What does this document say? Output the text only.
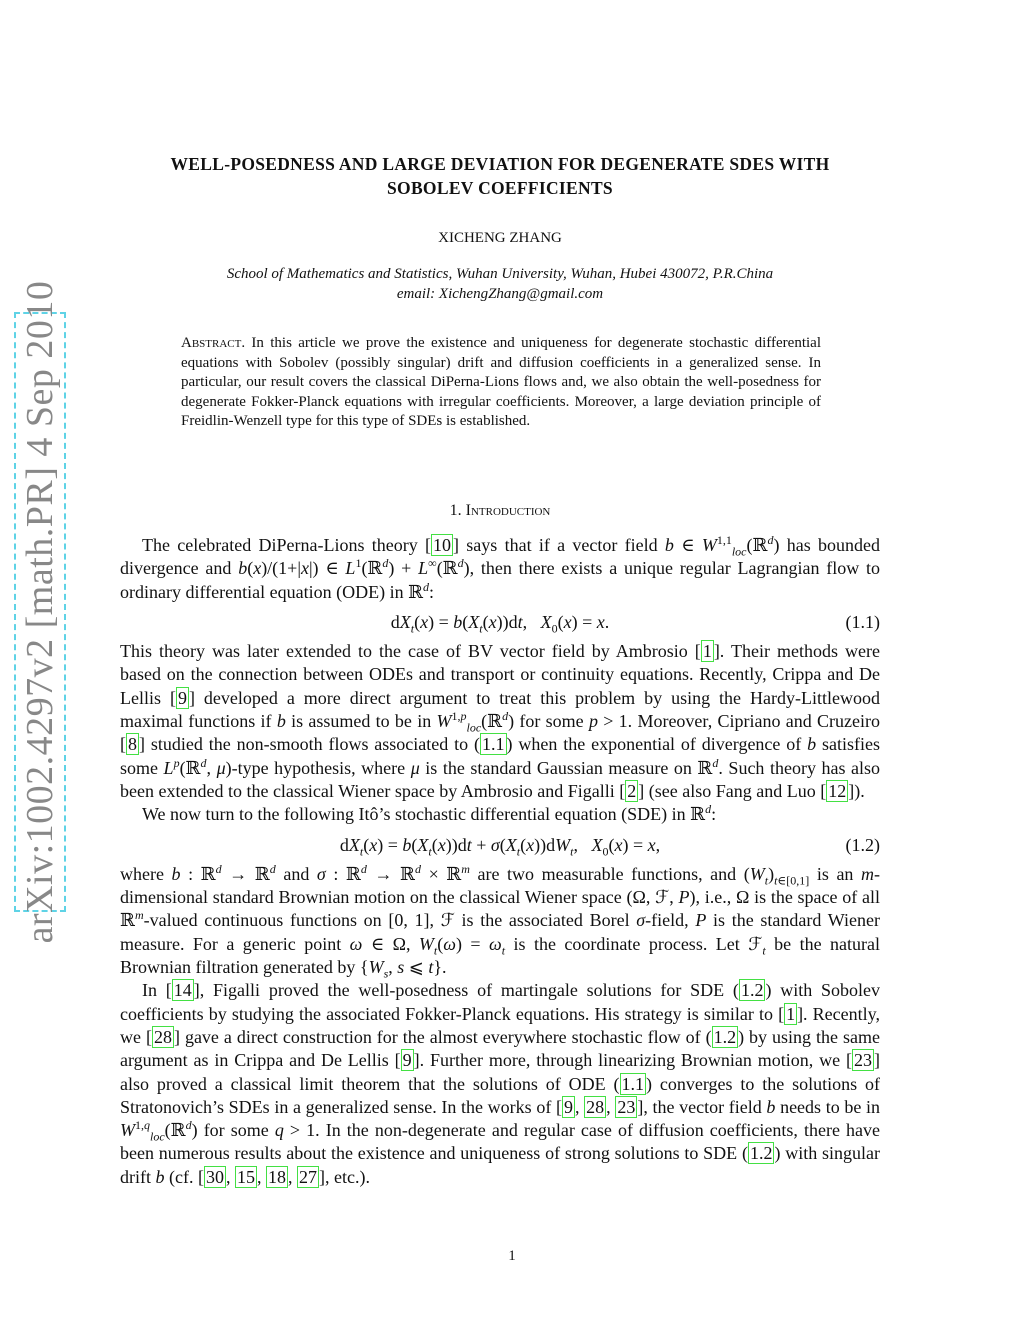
arXiv:1002.4297v2 [math.PR] 4 Sep 2010
WELL-POSEDNESS AND LARGE DEVIATION FOR DEGENERATE SDES WITH
SOBOLEV COEFFICIENTS
XICHENG ZHANG
School of Mathematics and Statistics, Wuhan University, Wuhan, Hubei 430072, P.R.China
email: XichengZhang@gmail.com
Abstract. In this article we prove the existence and uniqueness for degenerate stochastic differential equations with Sobolev (possibly singular) drift and diffusion coefficients in a generalized sense. In particular, our result covers the classical DiPerna-Lions flows and, we also obtain the well-posedness for degenerate Fokker-Planck equations with irregular coefficients. Moreover, a large deviation principle of Freidlin-Wenzell type for this type of SDEs is established.
1. Introduction

The celebrated DiPerna-Lions theory [ 10 ] says that if a vector field b ∈ W$^{1,1}_{loc}$(ℝ$^d$) has bounded divergence and b(x)/(1+|x|) ∈ $L^1(ℝ^d)$ + L∞(ℝ$^d$), then there exists a unique regular Lagrangian flow to ordinary differential equation (ODE) in ℝ$^d$:

$dX_t(x) = b(X_t(x))dt$,   $X_0(x) = x$.	(1.1)

This theory was later extended to the case of BV vector field by Ambrosio [ 1 ]. Their methods were based on the connection between ODEs and transport or continuity equations. Recently, Crippa and De Lellis [ 9 ] developed a more direct argument to treat this problem by using the Hardy-Littlewood maximal functions if b is assumed to be in W$^{1,p}_{loc}$(ℝ$^d$) for some p > 1. Moreover, Cipriano and Cruzeiro [ 8 ] studied the non-smooth flows associated to ( 1.1 ) when the exponential of divergence of b satisfies some $L^p(ℝ^d$, μ)-type hypothesis, where μ is the standard Gaussian measure on ℝ$^d$. Such theory has also been extended to the classical Wiener space by Ambrosio and Figalli [ 2 ] (see also Fang and Luo [ 12 ]).

We now turn to the following Itô’s stochastic differential equation (SDE) in ℝ$^d$:

$dX_t(x) = b(X_t(x))dt + \sigma(X_t(x))dW_t$,   $X_0(x) = x$,	(1.2)

where b : ℝ$^d$ → ℝ$^d$ and σ : ℝ$^d$ → ℝ$^d$ × ℝ$^m$ are two measurable functions, and $(W_t)_{t\in[0,1]}$ is an m-dimensional standard Brownian motion on the classical Wiener space (Ω, ℱ, P), i.e., Ω is the space of all ℝ$^m$-valued continuous functions on [0, 1], ℱ is the associated Borel σ-field, P is the standard Wiener measure. For a generic point ω ∈ Ω, $W_t(\omega) = \omega_t$ is the coordinate process. Let ℱ$_t$ be the natural Brownian filtration generated by {$W_s$, s ⩽ t}.

In [ 14 ], Figalli proved the well-posedness of martingale solutions for SDE ( 1.2 ) with Sobolev coefficients by studying the associated Fokker-Planck equations. His strategy is similar to [ 1 ]. Recently, we [ 28 ] gave a direct construction for the almost everywhere stochastic flow of ( 1.2 ) by using the same argument as in Crippa and De Lellis [ 9 ]. Further more, through linearizing Brownian motion, we [ 23 ] also proved a classical limit theorem that the solutions of ODE ( 1.1 ) converges to the solutions of Stratonovich’s SDEs in a generalized sense. In the works of [ 9 , 28 , 23 ], the vector field b needs to be in W$^{1,q}_{loc}$(ℝ$^d$) for some q > 1. In the non-degenerate and regular case of diffusion coefficients, there have been numerous results about the existence and uniqueness of strong solutions to SDE ( 1.2 ) with singular drift b (cf. [ 30 , 15 , 18 , 27 ], etc.).

1
